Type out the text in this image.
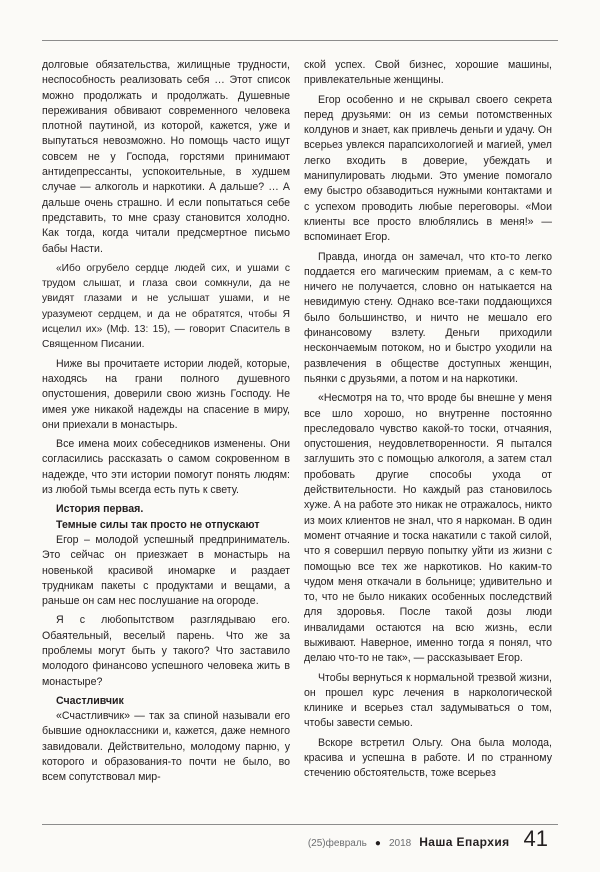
долговые обязательства, жилищные трудности, неспособность реализовать себя … Этот список можно продолжать и продолжать. Душевные переживания обвивают современного человека плотной паутиной, из которой, кажется, уже и выпутаться невозможно. Но помощь часто ищут совсем не у Господа, горстями принимают антидепрессанты, успокоительные, в худшем случае — алкоголь и наркотики. А дальше? … А дальше очень страшно. И если попытаться себе представить, то мне сразу становится холодно. Как тогда, когда читали предсмертное письмо бабы Насти.

«Ибо огрубело сердце людей сих, и ушами с трудом слышат, и глаза свои сомкнули, да не увидят глазами и не услышат ушами, и не уразумеют сердцем, и да не обратятся, чтобы Я исцелил их» (Мф. 13: 15), — говорит Спаситель в Священном Писании.

Ниже вы прочитаете истории людей, которые, находясь на грани полного душевного опустошения, доверили свою жизнь Господу. Не имея уже никакой надежды на спасение в миру, они приехали в монастырь.

Все имена моих собеседников изменены. Они согласились рассказать о самом сокровенном в надежде, что эти истории помогут понять людям: из любой тьмы всегда есть путь к свету.

История первая.

Темные силы так просто не отпускают

Егор – молодой успешный предприниматель. Это сейчас он приезжает в монастырь на новенькой красивой иномарке и раздает трудникам пакеты с продуктами и вещами, а раньше он сам нес послушание на огороде.

Я с любопытством разглядываю его. Обаятельный, веселый парень. Что же за проблемы могут быть у такого? Что заставило молодого финансово успешного человека жить в монастыре?

Счастливчик

«Счастливчик» — так за спиной называли его бывшие одноклассники и, кажется, даже немного завидовали. Действительно, молодому парню, у которого и образования-то почти не было, во всем сопутствовал мир-

ской успех. Свой бизнес, хорошие машины, привлекательные женщины.

Егор особенно и не скрывал своего секрета перед друзьями: он из семьи потомственных колдунов и знает, как привлечь деньги и удачу. Он всерьез увлекся парапсихологией и магией, умел легко входить в доверие, убеждать и манипулировать людьми. Это умение помогало ему быстро обзаводиться нужными контактами и с успехом проводить любые переговоры. «Мои клиенты все просто влюблялись в меня!» — вспоминает Егор.

Правда, иногда он замечал, что кто-то легко поддается его магическим приемам, а с кем-то ничего не получается, словно он натыкается на невидимую стену. Однако все-таки поддающихся было большинство, и ничто не мешало его финансовому взлету. Деньги приходили нескончаемым потоком, но и быстро уходили на развлечения в обществе доступных женщин, пьянки с друзьями, а потом и на наркотики.

«Несмотря на то, что вроде бы внешне у меня все шло хорошо, но внутренне постоянно преследовало чувство какой-то тоски, отчаяния, опустошения, неудовлетворенности. Я пытался заглушить это с помощью алкоголя, а затем стал пробовать другие способы ухода от действительности. Но каждый раз становилось хуже. А на работе это никак не отражалось, никто из моих клиентов не знал, что я наркоман. В один момент отчаяние и тоска накатили с такой силой, что я совершил первую попытку уйти из жизни с помощью все тех же наркотиков. Но каким-то чудом меня откачали в больнице; удивительно и то, что не было никаких особенных последствий для здоровья. После такой дозы люди инвалидами остаются на всю жизнь, если выживают. Наверное, именно тогда я понял, что делаю что-то не так», — рассказывает Егор.

Чтобы вернуться к нормальной трезвой жизни, он прошел курс лечения в наркологической клинике и всерьез стал задумываться о том, чтобы завести семью.

Вскоре встретил Ольгу. Она была молода, красива и успешна в работе. И по странному стечению обстоятельств, тоже всерьез

(25)февраль ● 2018 Наша Епархия 41
